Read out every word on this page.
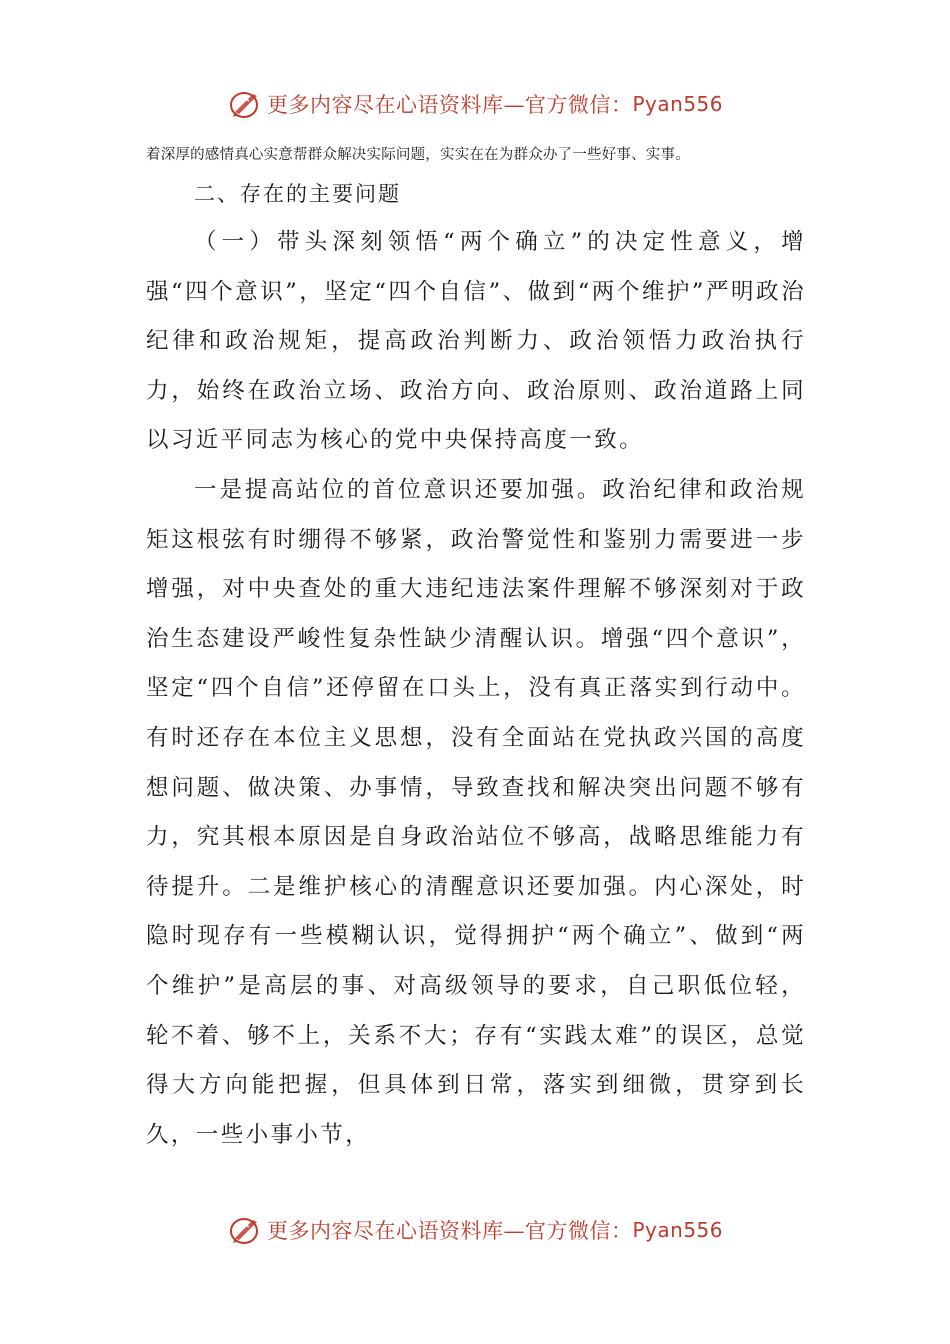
更多内容尽在心语资料库—官方微信： Pyan556

着深厚的感情真心实意帮群众解决实际问题，实实在在为群众办了一些好事、实事。

二、存在的主要问题

（一）带头深刻领悟“两个确立”的决定性意义，增强“四个意识”，坚定“四个自信”、做到“两个维护”严明政治纪律和政治规矩，提高政治判断力、政治领悟力政治执行力，始终在政治立场、政治方向、政治原则、政治道路上同以习近平同志为核心的党中央保持高度一致。

一是提高站位的首位意识还要加强。政治纪律和政治规矩这根弦有时绷得不够紧，政治警觉性和鉴别力需要进一步增强，对中央查处的重大违纪违法案件理解不够深刻对于政治生态建设严峻性复杂性缺少清醒认识。增强“四个意识”，坚定“四个自信”还停留在口头上，没有真正落实到行动中。有时还存在本位主义思想，没有全面站在党执政兴国的高度想问题、做决策、办事情，导致查找和解决突出问题不够有力，究其根本原因是自身政治站位不够高，战略思维能力有待提升。二是维护核心的清醒意识还要加强。内心深处，时隐时现存有一些模糊认识，觉得拥护“两个确立”、做到“两个维护”是高层的事、对高级领导的要求，自己职低位轻，轮不着、够不上，关系不大；存有“实践太难”的误区，总觉得大方向能把握，但具体到日常，落实到细微，贯穿到长久，一些小事小节，

更多内容尽在心语资料库—官方微信： Pyan556
